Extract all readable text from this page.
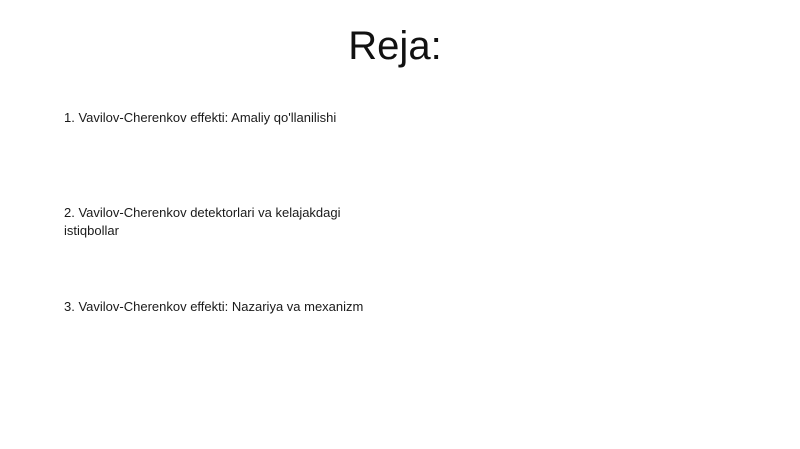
Reja:
1. Vavilov-Cherenkov effekti: Amaliy qo'llanilishi
2. Vavilov-Cherenkov detektorlari va kelajakdagi istiqbollar
3. Vavilov-Cherenkov effekti: Nazariya va mexanizm
